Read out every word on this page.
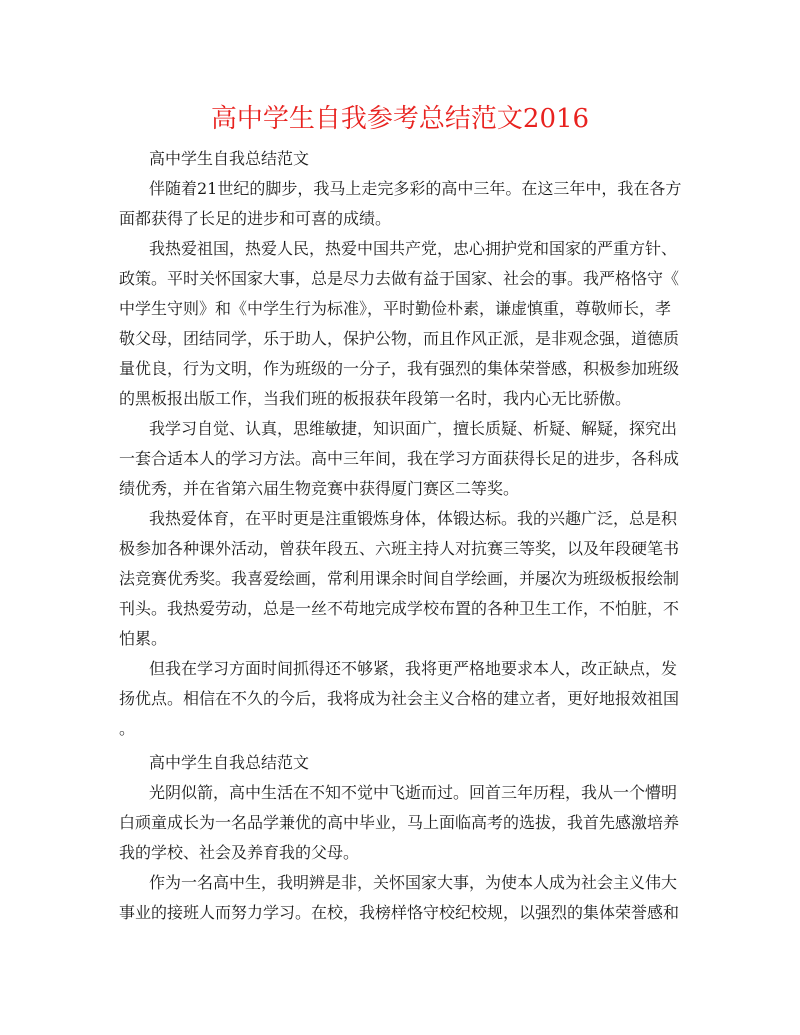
高中学生自我参考总结范文2016
高中学生自我总结范文
伴随着21世纪的脚步，我马上走完多彩的高中三年。在这三年中，我在各方
面都获得了长足的进步和可喜的成绩。
我热爱祖国，热爱人民，热爱中国共产党，忠心拥护党和国家的严重方针、
政策。平时关怀国家大事，总是尽力去做有益于国家、社会的事。我严格恪守《
中学生守则》和《中学生行为标准》，平时勤俭朴素，谦虚慎重，尊敬师长，孝
敬父母，团结同学，乐于助人，保护公物，而且作风正派，是非观念强，道德质
量优良，行为文明，作为班级的一分子，我有强烈的集体荣誉感，积极参加班级
的黑板报出版工作，当我们班的板报获年段第一名时，我内心无比骄傲。
我学习自觉、认真，思维敏捷，知识面广，擅长质疑、析疑、解疑，探究出
一套合适本人的学习方法。高中三年间，我在学习方面获得长足的进步，各科成
绩优秀，并在省第六届生物竞赛中获得厦门赛区二等奖。
我热爱体育，在平时更是注重锻炼身体，体锻达标。我的兴趣广泛，总是积
极参加各种课外活动，曾获年段五、六班主持人对抗赛三等奖，以及年段硬笔书
法竞赛优秀奖。我喜爱绘画，常利用课余时间自学绘画，并屡次为班级板报绘制
刊头。我热爱劳动，总是一丝不苟地完成学校布置的各种卫生工作，不怕脏，不
怕累。
但我在学习方面时间抓得还不够紧，我将更严格地要求本人，改正缺点，发
扬优点。相信在不久的今后，我将成为社会主义合格的建立者，更好地报效祖国
。
高中学生自我总结范文
光阴似箭，高中生活在不知不觉中飞逝而过。回首三年历程，我从一个懵明
白顽童成长为一名品学兼优的高中毕业，马上面临高考的选拔，我首先感激培养
我的学校、社会及养育我的父母。
作为一名高中生，我明辨是非，关怀国家大事，为使本人成为社会主义伟大
事业的接班人而努力学习。在校，我榜样恪守校纪校规，以强烈的集体荣誉感和
